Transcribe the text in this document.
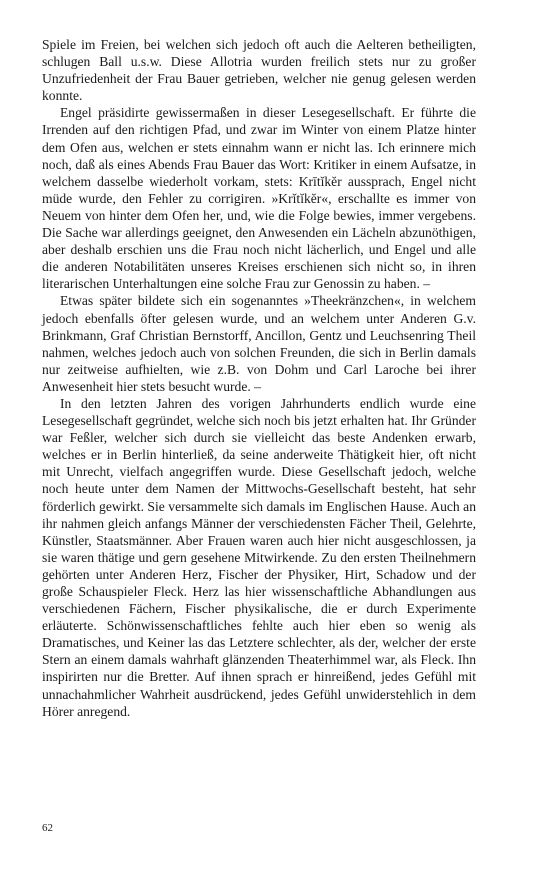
Spiele im Freien, bei welchen sich jedoch oft auch die Aelteren betheiligten, schlugen Ball u.s.w. Diese Allotria wurden freilich stets nur zu großer Unzufriedenheit der Frau Bauer getrieben, welcher nie genug gelesen werden konnte.

Engel präsidirte gewissermaßen in dieser Lesegesellschaft. Er führte die Irrenden auf den richtigen Pfad, und zwar im Winter von einem Platze hinter dem Ofen aus, welchen er stets einnahm wann er nicht las. Ich erinnere mich noch, daß als eines Abends Frau Bauer das Wort: Kritiker in einem Aufsatze, in welchem dasselbe wiederholt vorkam, stets: Krītĭkĕr aussprach, Engel nicht müde wurde, den Fehler zu corrigiren. »Krĭtĭkĕr«, erschallte es immer von Neuem von hinter dem Ofen her, und, wie die Folge bewies, immer vergebens. Die Sache war allerdings geeignet, den Anwesenden ein Lächeln abzunöthigen, aber deshalb erschien uns die Frau noch nicht lächerlich, und Engel und alle die anderen Notabilitäten unseres Kreises erschienen sich nicht so, in ihren literarischen Unterhaltungen eine solche Frau zur Genossin zu haben. –

Etwas später bildete sich ein sogenanntes »Theekränzchen«, in welchem jedoch ebenfalls öfter gelesen wurde, und an welchem unter Anderen G.v. Brinkmann, Graf Christian Bernstorff, Ancillon, Gentz und Leuchsenring Theil nahmen, welches jedoch auch von solchen Freunden, die sich in Berlin damals nur zeitweise aufhielten, wie z.B. von Dohm und Carl Laroche bei ihrer Anwesenheit hier stets besucht wurde. –

In den letzten Jahren des vorigen Jahrhunderts endlich wurde eine Lesegesellschaft gegründet, welche sich noch bis jetzt erhalten hat. Ihr Gründer war Feßler, welcher sich durch sie vielleicht das beste Andenken erwarb, welches er in Berlin hinterließ, da seine anderweite Thätigkeit hier, oft nicht mit Unrecht, vielfach angegriffen wurde. Diese Gesellschaft jedoch, welche noch heute unter dem Namen der Mittwochs-Gesellschaft besteht, hat sehr förderlich gewirkt. Sie versammelte sich damals im Englischen Hause. Auch an ihr nahmen gleich anfangs Männer der verschiedensten Fächer Theil, Gelehrte, Künstler, Staatsmänner. Aber Frauen waren auch hier nicht ausgeschlossen, ja sie waren thätige und gern gesehene Mitwirkende. Zu den ersten Theilnehmern gehörten unter Anderen Herz, Fischer der Physiker, Hirt, Schadow und der große Schauspieler Fleck. Herz las hier wissenschaftliche Abhandlungen aus verschiedenen Fächern, Fischer physikalische, die er durch Experimente erläuterte. Schönwissenschaftliches fehlte auch hier eben so wenig als Dramatisches, und Keiner las das Letztere schlechter, als der, welcher der erste Stern an einem damals wahrhaft glänzenden Theaterhimmel war, als Fleck. Ihn inspirirten nur die Bretter. Auf ihnen sprach er hinreißend, jedes Gefühl mit unnachahmlicher Wahrheit ausdrückend, jedes Gefühl unwiderstehlich in dem Hörer anregend.

62
